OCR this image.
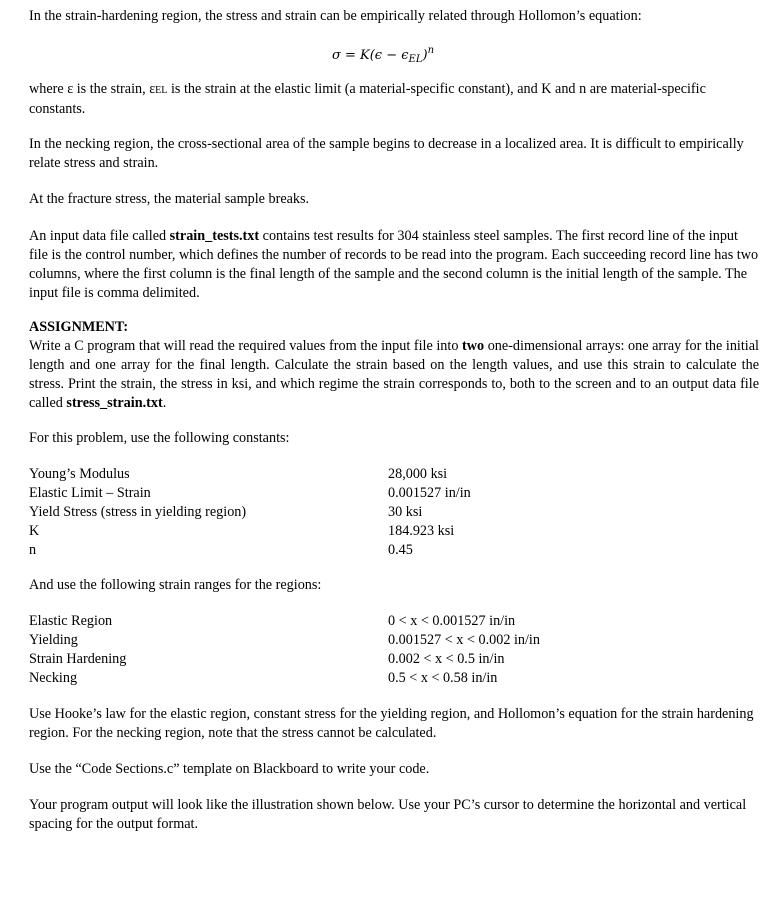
In the strain-hardening region, the stress and strain can be empirically related through Hollomon’s equation:

$\sigma = K(\epsilon - \epsilon_{EL})^n$

where ε is the strain, εEL is the strain at the elastic limit (a material-specific constant), and K and n are material-specific constants.

In the necking region, the cross-sectional area of the sample begins to decrease in a localized area. It is difficult to empirically relate stress and strain.

At the fracture stress, the material sample breaks.

An input data file called strain_tests.txt contains test results for 304 stainless steel samples. The first record line of the input file is the control number, which defines the number of records to be read into the program. Each succeeding record line has two columns, where the first column is the final length of the sample and the second column is the initial length of the sample. The input file is comma delimited.

ASSIGNMENT:
Write a C program that will read the required values from the input file into two one-dimensional arrays: one array for the initial length and one array for the final length. Calculate the strain based on the length values, and use this strain to calculate the stress. Print the strain, the stress in ksi, and which regime the strain corresponds to, both to the screen and to an output data file called stress_strain.txt.

For this problem, use the following constants:

Young’s Modulus	28,000 ksi
Elastic Limit – Strain	0.001527 in/in
Yield Stress (stress in yielding region)	30 ksi
K	184.923 ksi
n	0.45

And use the following strain ranges for the regions:

Elastic Region	0 < x < 0.001527 in/in
Yielding	0.001527 < x < 0.002 in/in
Strain Hardening	0.002 < x < 0.5 in/in
Necking	0.5 < x < 0.58 in/in

Use Hooke’s law for the elastic region, constant stress for the yielding region, and Hollomon’s equation for the strain hardening region. For the necking region, note that the stress cannot be calculated.

Use the “Code Sections.c” template on Blackboard to write your code.

Your program output will look like the illustration shown below. Use your PC’s cursor to determine the horizontal and vertical spacing for the output format.
